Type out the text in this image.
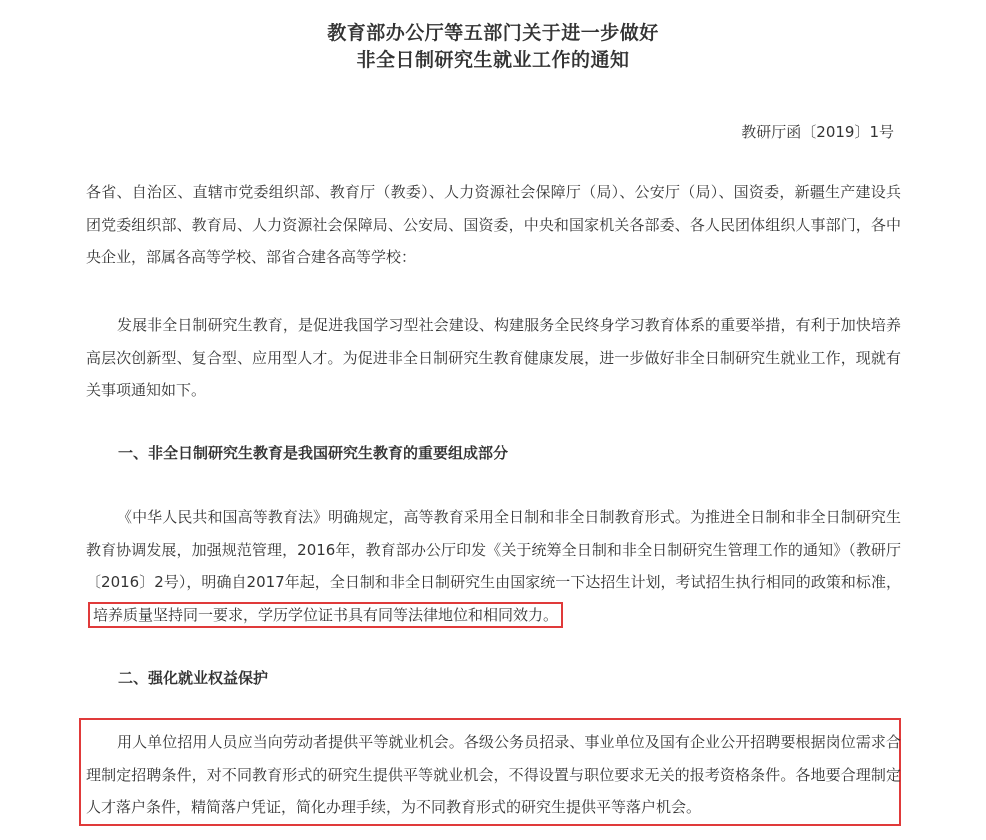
教育部办公厅等五部门关于进一步做好
非全日制研究生就业工作的通知

教研厅函〔2019〕1号

各省、自治区、直辖市党委组织部、教育厅（教委）、人力资源社会保障厅（局）、公安厅（局）、国资委，新疆生产建设兵团党委组织部、教育局、人力资源社会保障局、公安局、国资委，中央和国家机关各部委、各人民团体组织人事部门，各中央企业，部属各高等学校、部省合建各高等学校：

发展非全日制研究生教育，是促进我国学习型社会建设、构建服务全民终身学习教育体系的重要举措，有利于加快培养高层次创新型、复合型、应用型人才。为促进非全日制研究生教育健康发展，进一步做好非全日制研究生就业工作，现就有关事项通知如下。

一、非全日制研究生教育是我国研究生教育的重要组成部分

《中华人民共和国高等教育法》明确规定，高等教育采用全日制和非全日制教育形式。为推进全日制和非全日制研究生教育协调发展，加强规范管理，2016年，教育部办公厅印发《关于统筹全日制和非全日制研究生管理工作的通知》（教研厅〔2016〕2号），明确自2017年起，全日制和非全日制研究生由国家统一下达招生计划，考试招生执行相同的政策和标准，培养质量坚持同一要求，学历学位证书具有同等法律地位和相同效力。

二、强化就业权益保护

用人单位招用人员应当向劳动者提供平等就业机会。各级公务员招录、事业单位及国有企业公开招聘要根据岗位需求合理制定招聘条件，对不同教育形式的研究生提供平等就业机会，不得设置与职位要求无关的报考资格条件。各地要合理制定人才落户条件，精简落户凭证，简化办理手续，为不同教育形式的研究生提供平等落户机会。
